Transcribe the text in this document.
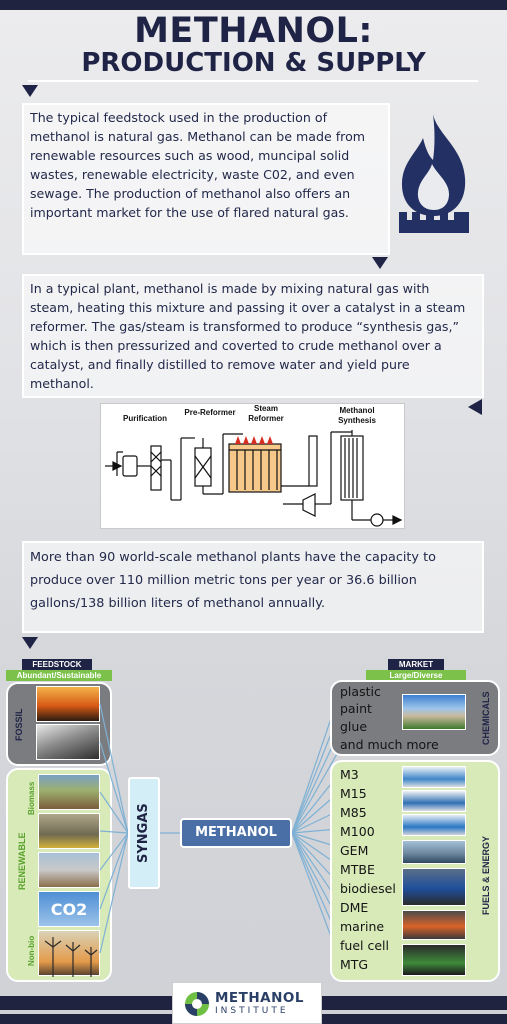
METHANOL:
PRODUCTION & SUPPLY
The typical feedstock used in the production of methanol is natural gas. Methanol can be made from renewable resources such as wood, muncipal solid wastes, renewable electricity, waste C02, and even sewage. The production of methanol also offers an important market for the use of flared natural gas.
In a typical plant, methanol is made by mixing natural gas with steam, heating this mixture and passing it over a catalyst in a steam reformer. The gas/steam is transformed to produce “synthesis gas,” which is then pressurized and coverted to crude methanol over a catalyst, and finally distilled to remove water and yield pure methanol.
Purification
Pre-Reformer	Steam
Reformer
Methanol
Synthesis
More than 90 world-scale methanol plants have the capacity to produce over 110 million metric tons per year or 36.6 billion gallons/138 billion liters of methanol annually.
FEEDSTOCK
Abundant/Sustainable
FOSSIL
RENEWABLE
Biomass
Non-bio
CO2
SYNGAS	METHANOL
MARKET
Large/Diverse
CHEMICALS
plastic
paint
glue
and much more
FUELS & ENERGY
M3
M15
M85
M100
GEM
MTBE
biodiesel
DME
marine
fuel cell
MTG
METHANOL
INSTITUTE
